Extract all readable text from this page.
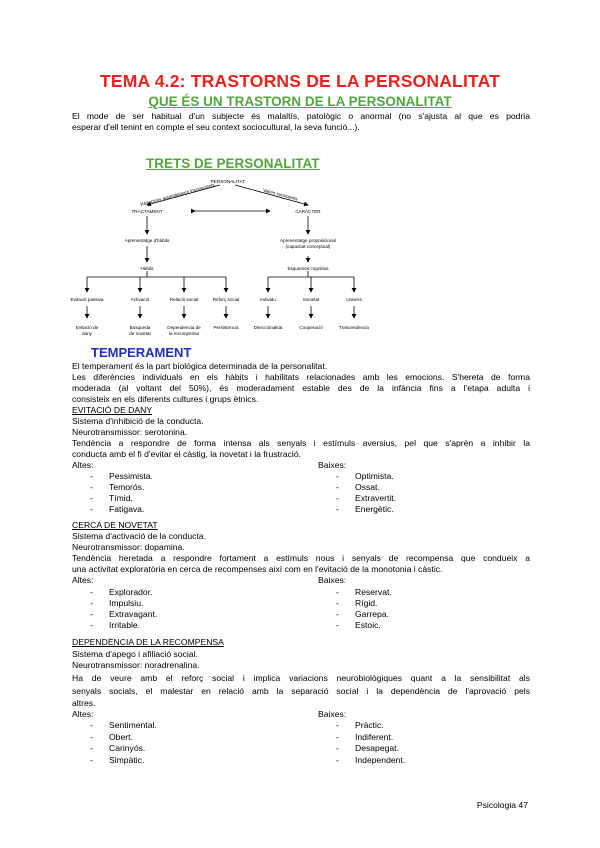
TEMA 4.2: TRASTORNS DE LA PERSONALITAT
QUE ÉS UN TRASTORN DE LA PERSONALITAT
El mode de ser habitual d'un subjecte és malaltís, patològic o anormal (no s'ajusta al que es podria
esperar d'ell tenint en compte el seu context sociocultural, la seva funció...).
TRETS DE PERSONALITAT
PERSONALITAT
Reaccions automàtiques inconscients	Valors conscients
TRACTAMENT	CARÀCTER
Aprenentatge d'hàbits	Aprenentatge proposicional
(capacitat conceptual)
Hàbits	Esquemes cognitius
Evitació passiva	Activació	Relació social	Reforç social	Individu	Societat	Univers
Evitació de
dany
Busqueda
de novetat
Dependencia de
la recompensa
Persistencia	Direccionalitat	Cooperació	Trascendencia
TEMPERAMENT
El temperament és la part biològica determinada de la personalitat.
Les diferències individuals en els hàbits i habilitats relacionades amb les emocions. S'hereta de forma
moderada (al voltant del 50%), és moderadament estable des de la infància fins a l'etapa adulta i
consisteix en els diferents cultures i grups ètnics.
EVITACIÓ DE DANY
Sistema d'inhibició de la conducta.
Neurotransmissor: serotonina.
Tendència a respondre de forma intensa als senyals i estímuls aversius, pel que s'aprèn a inhibir la
conducta amb el fi d'evitar el càstig, la novetat i la frustració.
Altes:	Baixes:
- Pessimista.
- Temorós.
- Tímid.
- Fatigava.
- Optimista.
- Ossat.
- Extravertit.
- Energètic.
CERCA DE NOVETAT
Sistema d'activació de la conducta.
Neurotransmissor: dopamina.
Tendència heretada a respondre fortament a estímuls nous i senyals de recompensa que condueix a
una activitat exploratòria en cerca de recompenses així com en l'evitació de la monotonia i càstic.
Altes:	Baixes:
- Explorador.
- Impulsiu.
- Extravagant.
- Irritable.
- Reservat.
- Rígid.
- Garrepa.
- Estoic.
DEPENDÈNCIA DE LA RECOMPENSA
Sistema d'apego i afiliació social.
Neurotransmissor: noradrenalina.
Ha de veure amb el reforç social i implica variacions neurobiològiques quant a la sensibilitat als
senyals socials, el malestar en relació amb la separació social i la dependència de l'aprovació pels
altres.
Altes:	Baixes:
- Sentimental.
- Obert.
- Carinyós.
- Simpàtic.
- Pràctic.
- Indiferent.
- Desapegat.
- Independent.
Psicologia 47
